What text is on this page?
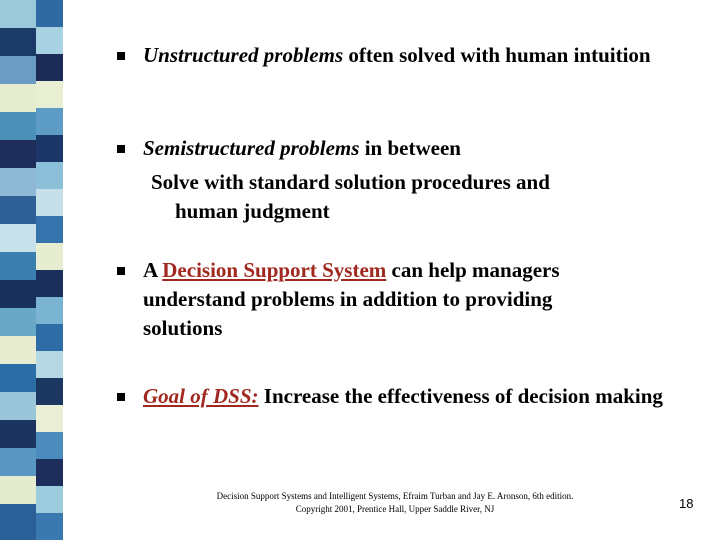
Unstructured problems often solved with human intuition
Semistructured problems in between
Solve with standard solution procedures and
human judgment
A Decision Support System can help managers understand problems in addition to providing solutions
Goal of DSS: Increase the effectiveness of decision making
Decision Support Systems and Intelligent Systems, Efraim Turban and Jay E. Aronson, 6th edition.
Copyright 2001, Prentice Hall, Upper Saddle River, NJ	18
